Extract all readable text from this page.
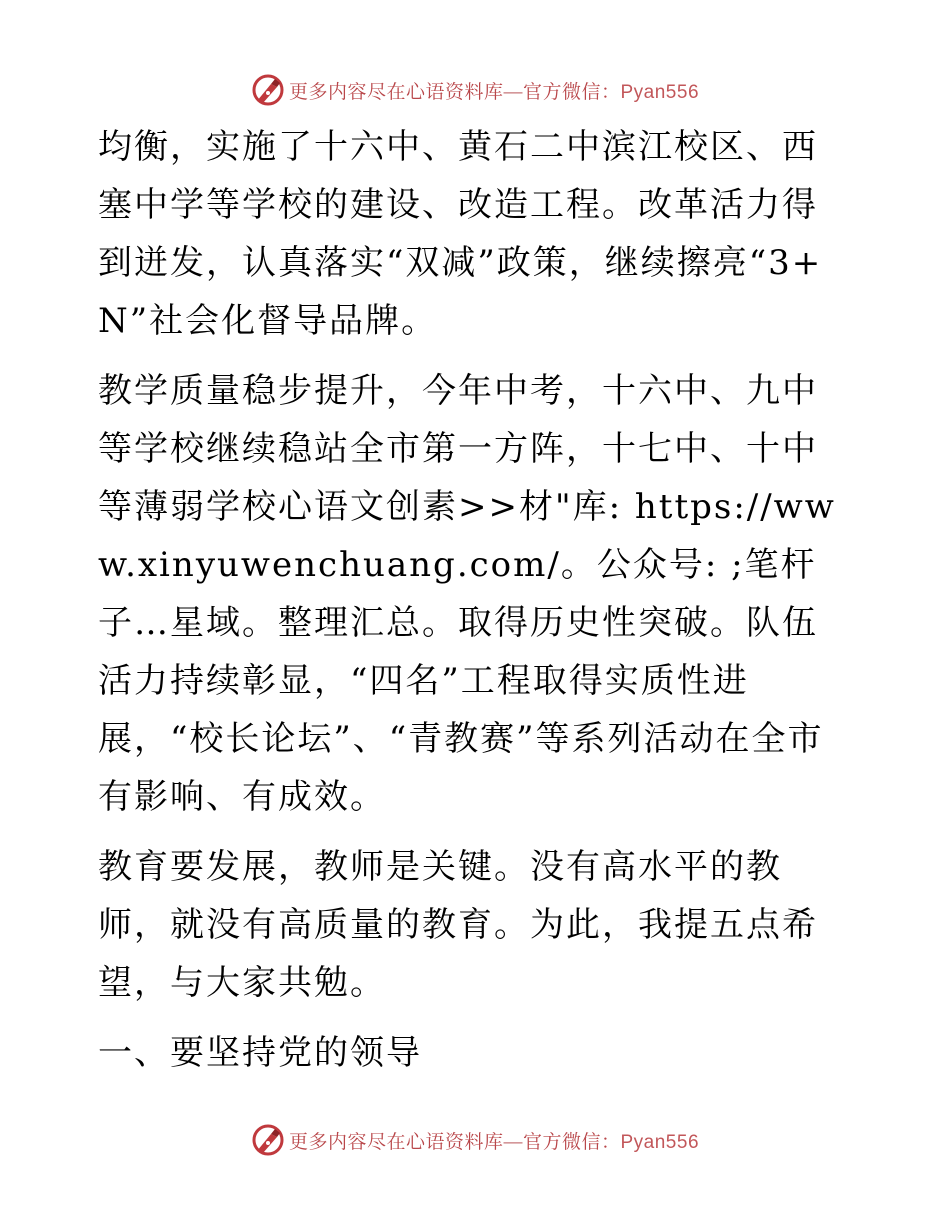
更多内容尽在心语资料库—官方微信：Pyan556

均衡，实施了十六中、黄石二中滨江校区、西塞中学等学校的建设、改造工程。改革活力得到迸发，认真落实“双减”政策，继续擦亮“3+N”社会化督导品牌。

教学质量稳步提升，今年中考，十六中、九中等学校继续稳站全市第一方阵，十七中、十中等薄弱学校心语文创素>>材"库: https://www.xinyuwenchuang.com/。公众号: ;笔杆子…星域。整理汇总。取得历史性突破。队伍活力持续彰显，“四名”工程取得实质性进展，“校长论坛”、“青教赛”等系列活动在全市有影响、有成效。

教育要发展，教师是关键。没有高水平的教师，就没有高质量的教育。为此，我提五点希望，与大家共勉。

一、要坚持党的领导

更多内容尽在心语资料库—官方微信：Pyan556
